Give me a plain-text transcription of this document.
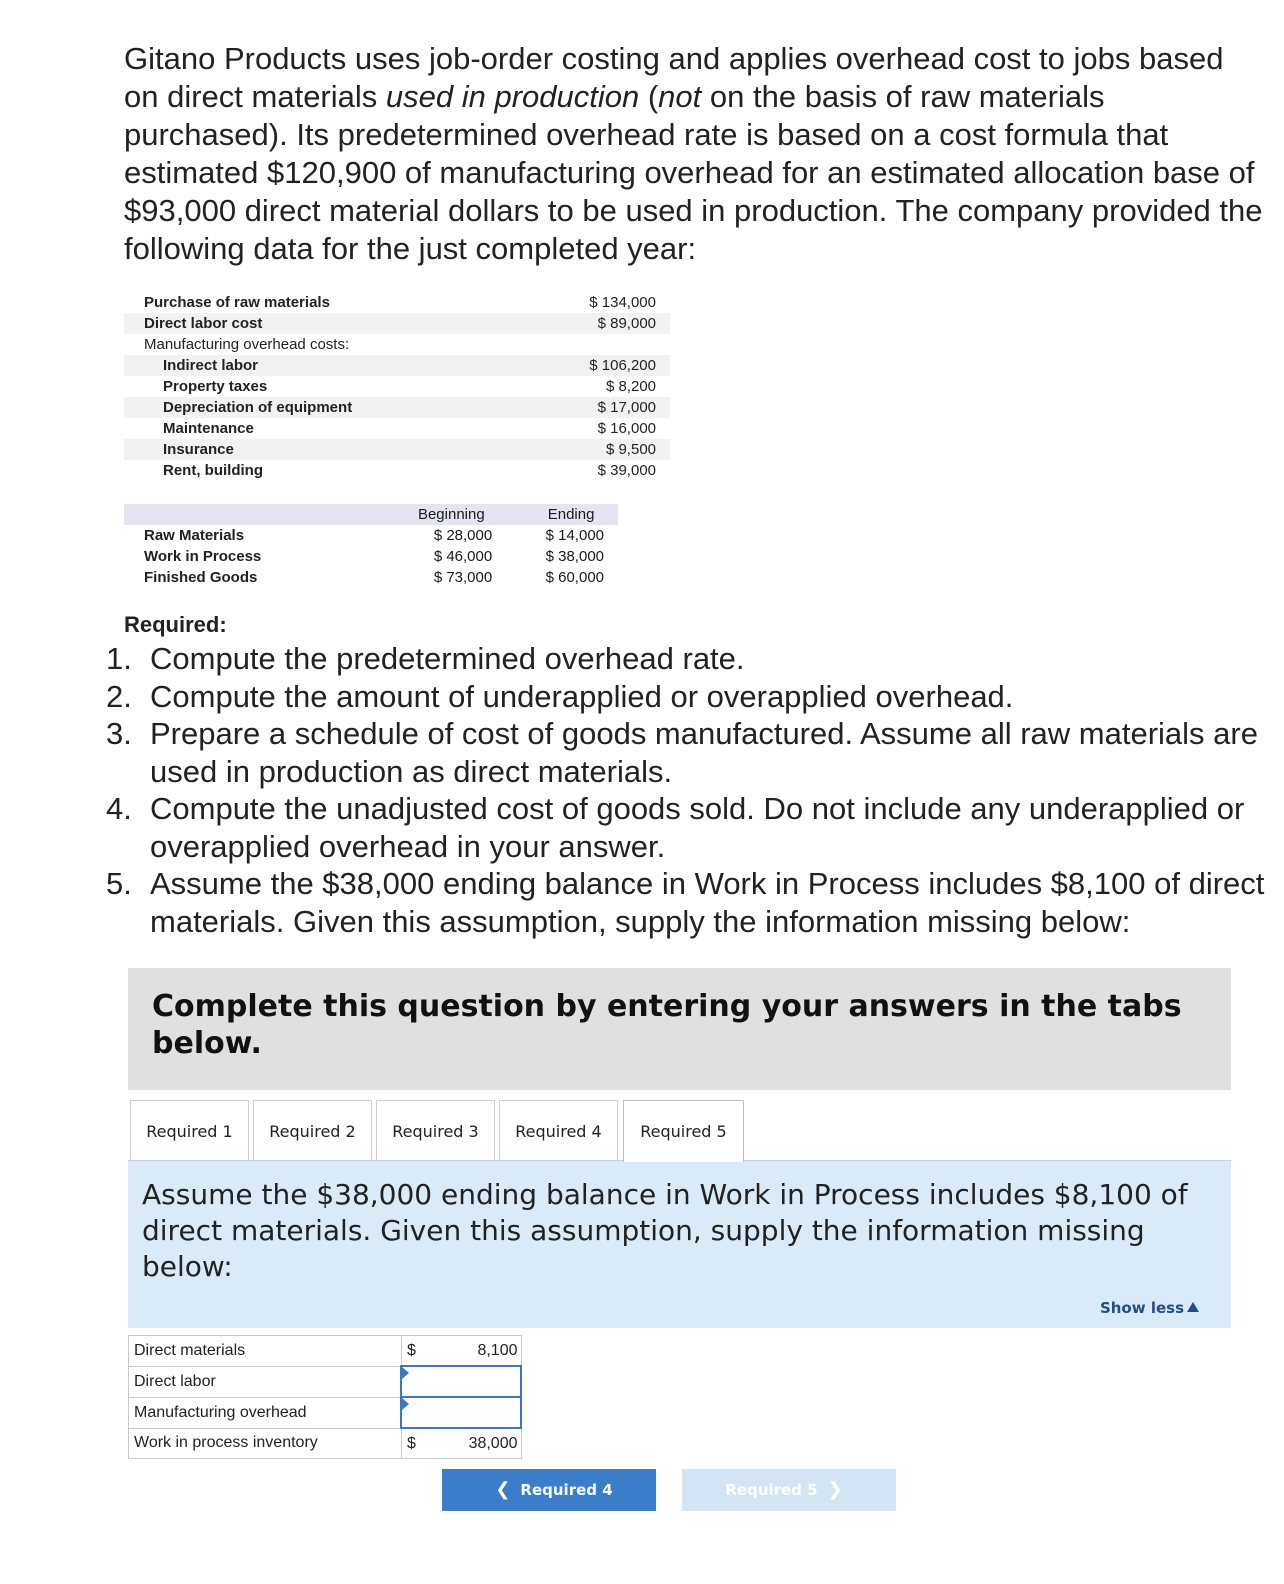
Gitano Products uses job-order costing and applies overhead cost to jobs based on direct materials used in production (not on the basis of raw materials purchased). Its predetermined overhead rate is based on a cost formula that estimated $120,900 of manufacturing overhead for an estimated allocation base of $93,000 direct material dollars to be used in production. The company provided the following data for the just completed year:
Purchase of raw materials	$ 134,000
Direct labor cost	$ 89,000
Manufacturing overhead costs:	
Indirect labor	$ 106,200
Property taxes	$ 8,200
Depreciation of equipment	$ 17,000
Maintenance	$ 16,000
Insurance	$ 9,500
Rent, building	$ 39,000
	Beginning	Ending
Raw Materials	$ 28,000	$ 14,000
Work in Process	$ 46,000	$ 38,000
Finished Goods	$ 73,000	$ 60,000
Required:
1. Compute the predetermined overhead rate.
2. Compute the amount of underapplied or overapplied overhead.
3. Prepare a schedule of cost of goods manufactured. Assume all raw materials are used in production as direct materials.
4. Compute the unadjusted cost of goods sold. Do not include any underapplied or overapplied overhead in your answer.
5. Assume the $38,000 ending balance in Work in Process includes $8,100 of direct materials. Given this assumption, supply the information missing below:
Complete this question by entering your answers in the tabs below.
Required 1	Required 2	Required 3	Required 4	Required 5
Assume the $38,000 ending balance in Work in Process includes $8,100 of direct materials. Given this assumption, supply the information missing below:
Show less
Direct materials	$	8,100
Direct labor		

Manufacturing overhead		

Work in process inventory	$	38,000
❮ Required 4	Required 5 ❯
